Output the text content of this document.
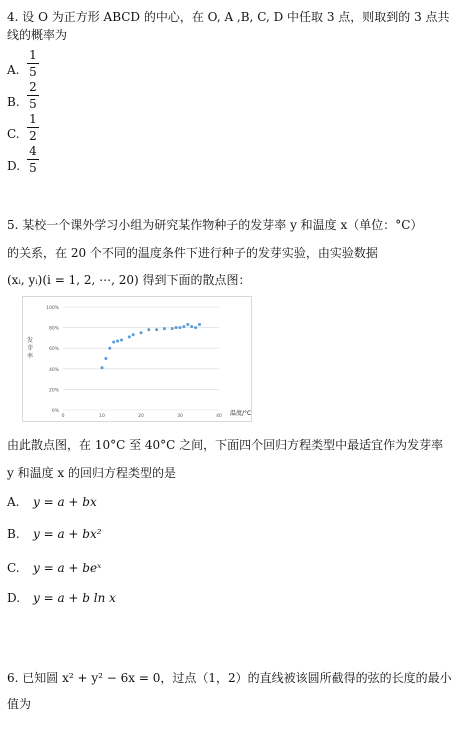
4. 设 O 为正方形 ABCD 的中心，在 O, A ,B, C, D 中任取 3 点，则取到的 3 点共
线的概率为
A.
1
5
B.
2
5
C.
1
2
D.
4
5
5. 某校一个课外学习小组为研究某作物种子的发芽率 y 和温度 x（单位：°C）
的关系，在 20 个不同的温度条件下进行种子的发芽实验，由实验数据
(xᵢ, yᵢ)(i = 1, 2, ⋯, 20) 得到下面的散点图：
0%
20%
40%
60%
80%
100%
0	10	20	30	40
发
芽
率
温度/°C
由此散点图，在 10°C 至 40°C 之间，下面四个回归方程类型中最适宜作为发芽率
y 和温度 x 的回归方程类型的是
A. y = a + bx
B. y = a + bx²
C. y = a + beˣ
D. y = a + b ln x
6. 已知圆 x² + y² − 6x = 0，过点（1，2）的直线被该圆所截得的弦的长度的最小
值为
